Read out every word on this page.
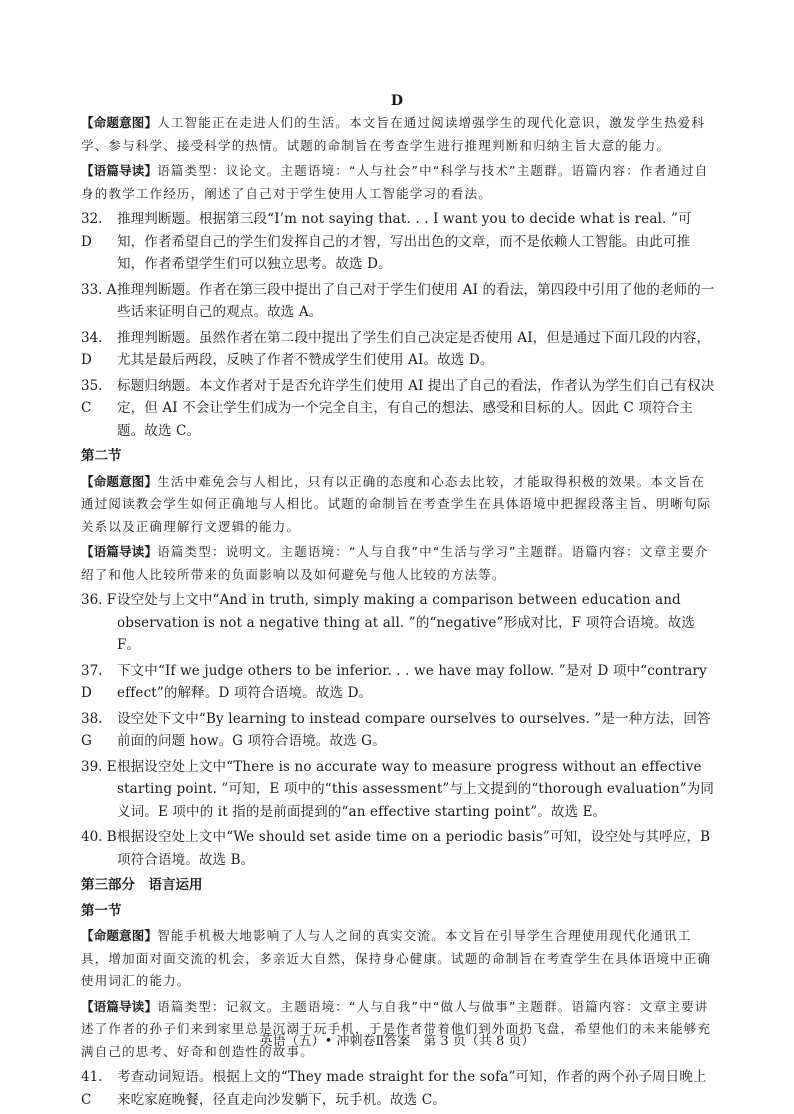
D

【命题意图】人工智能正在走进人们的生活。本文旨在通过阅读增强学生的现代化意识，激发学生热爱科学、参与科学、接受科学的热情。试题的命制旨在考查学生进行推理判断和归纳主旨大意的能力。

【语篇导读】语篇类型：议论文。主题语境：“人与社会”中“科学与技术”主题群。语篇内容：作者通过自身的教学工作经历，阐述了自己对于学生使用人工智能学习的看法。

32. D
推理判断题。根据第三段“I’m not saying that. . . I want you to decide what is real. ”可知，作者希望自己的学生们发挥自己的才智，写出出色的文章，而不是依赖人工智能。由此可推知，作者希望学生们可以独立思考。故选 D。
33. A 推理判断题。作者在第三段中提出了自己对于学生们使用 AI 的看法，第四段中引用了他的老师的一些话来证明自己的观点。故选 A。
34. D
推理判断题。虽然作者在第二段中提出了学生们自己决定是否使用 AI，但是通过下面几段的内容，尤其是最后两段，反映了作者不赞成学生们使用 AI。故选 D。
35. C
标题归纳题。本文作者对于是否允许学生们使用 AI 提出了自己的看法，作者认为学生们自己有权决定，但 AI 不会让学生们成为一个完全自主，有自己的想法、感受和目标的人。因此 C 项符合主题。故选 C。
第二节

【命题意图】生活中难免会与人相比，只有以正确的态度和心态去比较，才能取得积极的效果。本文旨在通过阅读教会学生如何正确地与人相比。试题的命制旨在考查学生在具体语境中把握段落主旨、明晰句际关系以及正确理解行文逻辑的能力。

【语篇导读】语篇类型：说明文。主题语境：“人与自我”中“生活与学习”主题群。语篇内容：文章主要介绍了和他人比较所带来的负面影响以及如何避免与他人比较的方法等。

36. F 设空处与上文中“And in truth, simply making a comparison between education and observation is not a negative thing at all. ”的“negative”形成对比，F 项符合语境。故选 F。
37. D
下文中“If we judge others to be inferior. . . we have may follow. ”是对 D 项中“contrary effect”的解释。D 项符合语境。故选 D。
38. G
设空处下文中“By learning to instead compare ourselves to ourselves. ”是一种方法，回答前面的问题 how。G 项符合语境。故选 G。
39. E 根据设空处上文中“There is no accurate way to measure progress without an effective starting point. ”可知，E 项中的“this assessment”与上文提到的“thorough evaluation”为同义词。E 项中的 it 指的是前面提到的“an effective starting point”。故选 E。
40. B 根据设空处上文中“We should set aside time on a periodic basis”可知，设空处与其呼应，B 项符合语境。故选 B。
第三部分　语言运用
第一节

【命题意图】智能手机极大地影响了人与人之间的真实交流。本文旨在引导学生合理使用现代化通讯工具，增加面对面交流的机会，多亲近大自然，保持身心健康。试题的命制旨在考查学生在具体语境中正确使用词汇的能力。

【语篇导读】语篇类型：记叙文。主题语境：“人与自我”中“做人与做事”主题群。语篇内容：文章主要讲述了作者的孙子们来到家里总是沉溺于玩手机，于是作者带着他们到外面扔飞盘，希望他们的未来能够充满自己的思考、好奇和创造性的故事。

41. C
考查动词短语。根据上文的“They made straight for the sofa”可知，作者的两个孙子周日晚上来吃家庭晚餐，径直走向沙发躺下，玩手机。故选 C。
英语（五）• 冲刺卷Ⅱ答案　第 3 页（共 8 页）
